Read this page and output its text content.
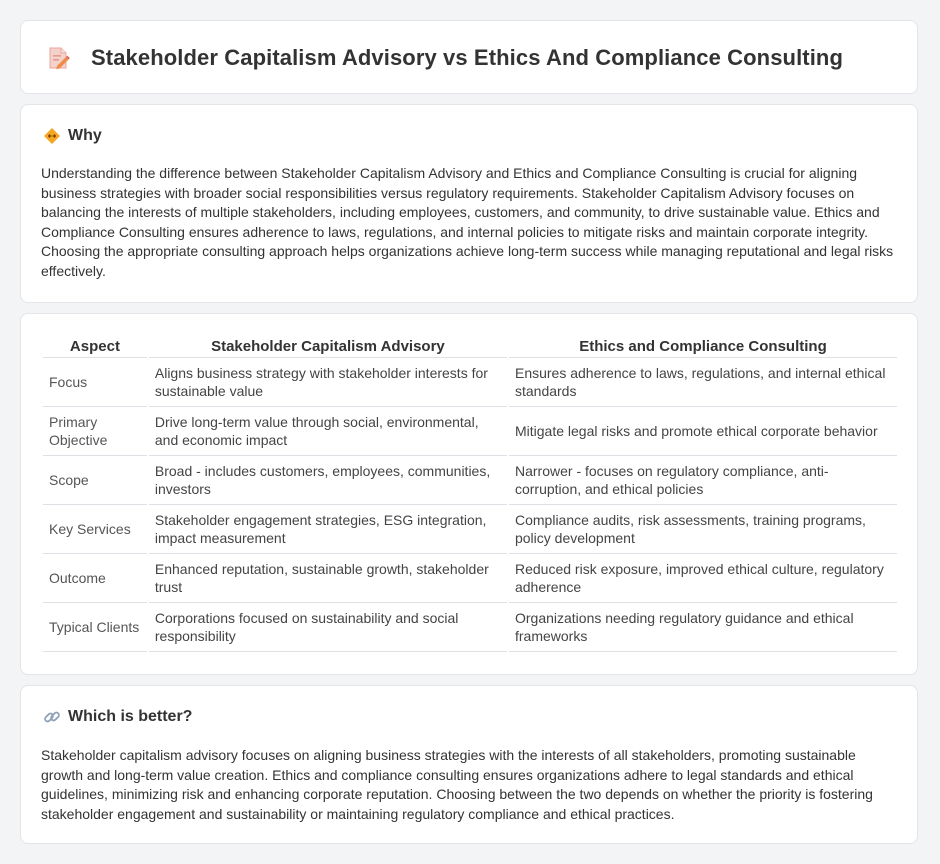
Stakeholder Capitalism Advisory vs Ethics And Compliance Consulting
Why
Understanding the difference between Stakeholder Capitalism Advisory and Ethics and Compliance Consulting is crucial for aligning business strategies with broader social responsibilities versus regulatory requirements. Stakeholder Capitalism Advisory focuses on balancing the interests of multiple stakeholders, including employees, customers, and community, to drive sustainable value. Ethics and Compliance Consulting ensures adherence to laws, regulations, and internal policies to mitigate risks and maintain corporate integrity. Choosing the appropriate consulting approach helps organizations achieve long-term success while managing reputational and legal risks effectively.
Aspect	Stakeholder Capitalism Advisory	Ethics and Compliance Consulting
Focus	Aligns business strategy with stakeholder interests for sustainable value	Ensures adherence to laws, regulations, and internal ethical standards
Primary Objective	Drive long-term value through social, environmental, and economic impact	Mitigate legal risks and promote ethical corporate behavior
Scope	Broad - includes customers, employees, communities, investors	Narrower - focuses on regulatory compliance, anti-corruption, and ethical policies
Key Services	Stakeholder engagement strategies, ESG integration, impact measurement	Compliance audits, risk assessments, training programs, policy development
Outcome	Enhanced reputation, sustainable growth, stakeholder trust	Reduced risk exposure, improved ethical culture, regulatory adherence
Typical Clients	Corporations focused on sustainability and social responsibility	Organizations needing regulatory guidance and ethical frameworks
Which is better?
Stakeholder capitalism advisory focuses on aligning business strategies with the interests of all stakeholders, promoting sustainable growth and long-term value creation. Ethics and compliance consulting ensures organizations adhere to legal standards and ethical guidelines, minimizing risk and enhancing corporate reputation. Choosing between the two depends on whether the priority is fostering stakeholder engagement and sustainability or maintaining regulatory compliance and ethical practices.
